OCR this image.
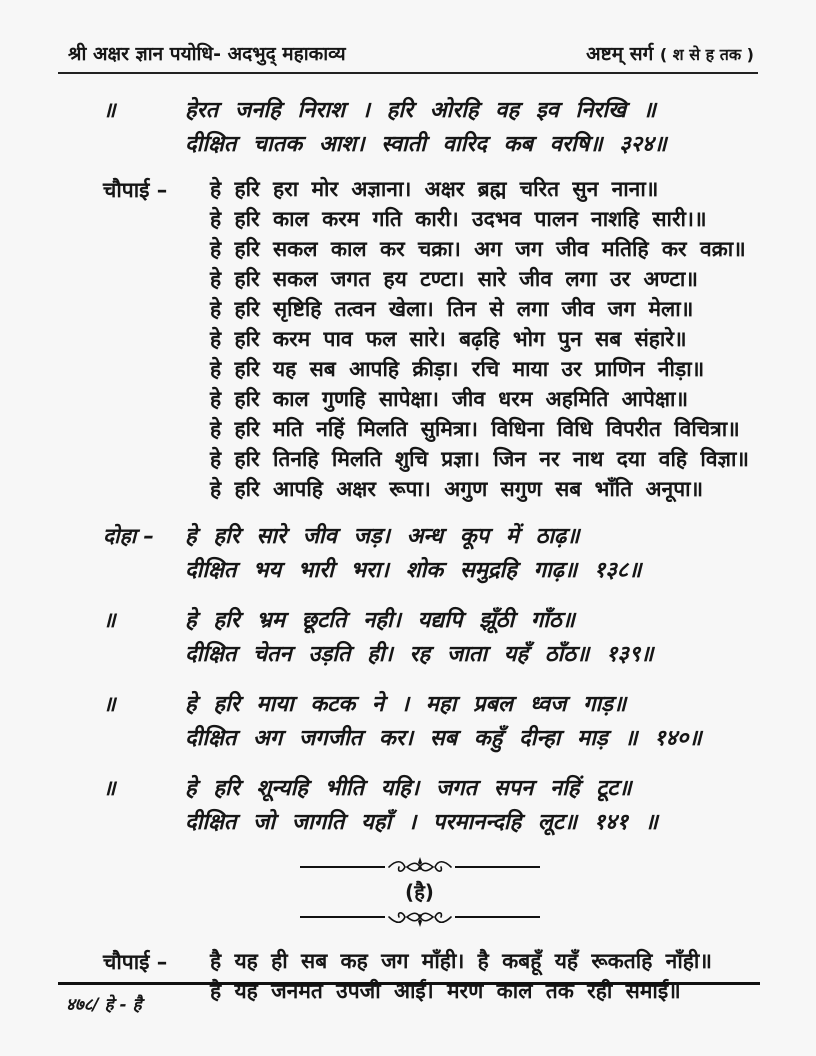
श्री अक्षर ज्ञान पयोधि- अदभुद् महाकाव्य	अष्टम् सर्ग ( श से ह तक )
॥	हेरत जनहि निराश । हरि ओरहि वह इव निरखि ॥
दीक्षित चातक आश। स्वाती वारिद कब वरषि॥ ३२४॥
चौपाई –	हे हरि हरा मोर अज्ञाना। अक्षर ब्रह्म चरित सुन नाना॥
हे हरि काल करम गति कारी। उदभव पालन नाशहि सारी।॥
हे हरि सकल काल कर चक्रा। अग जग जीव मतिहि कर वक्रा॥
हे हरि सकल जगत हय टण्टा। सारे जीव लगा उर अण्टा॥
हे हरि सृष्टिहि तत्वन खेला। तिन से लगा जीव जग मेला॥
हे हरि करम पाव फल सारे। बढ़हि भोग पुन सब संहारे॥
हे हरि यह सब आपहि क्रीड़ा। रचि माया उर प्राणिन नीड़ा॥
हे हरि काल गुणहि सापेक्षा। जीव धरम अहमिति आपेक्षा॥
हे हरि मति नहिं मिलति सुमित्रा। विधिना विधि विपरीत विचित्रा॥
हे हरि तिनहि मिलति शुचि प्रज्ञा। जिन नर नाथ दया वहि विज्ञा॥
हे हरि आपहि अक्षर रूपा। अगुण सगुण सब भाँति अनूपा॥
दोहा –	हे हरि सारे जीव जड़। अन्ध कूप में ठाढ़॥
दीक्षित भय भारी भरा। शोक समुद्रहि गाढ़॥ १३८॥
॥	हे हरि भ्रम छूटति नही। यद्यपि झूँठी गाँठ॥
दीक्षित चेतन उड़ति ही। रह जाता यहँ ठाँठ॥ १३९॥
॥	हे हरि माया कटक ने । महा प्रबल ध्वज गाड़॥
दीक्षित अग जगजीत कर। सब कहुँ दीन्हा माड़ ॥ १४०॥
॥	हे हरि शून्यहि भीति यहि। जगत सपन नहिं टूट॥
दीक्षित जो जागति यहाँ । परमानन्दहि लूट॥ १४१ ॥
(है)
चौपाई –	है यह ही सब कह जग माँही। है कबहूँ यहँ रूकतहि नाँही॥
है यह जनमत उपजी आई। मरण काल तक रही समाई॥
४७८/ हे - है
